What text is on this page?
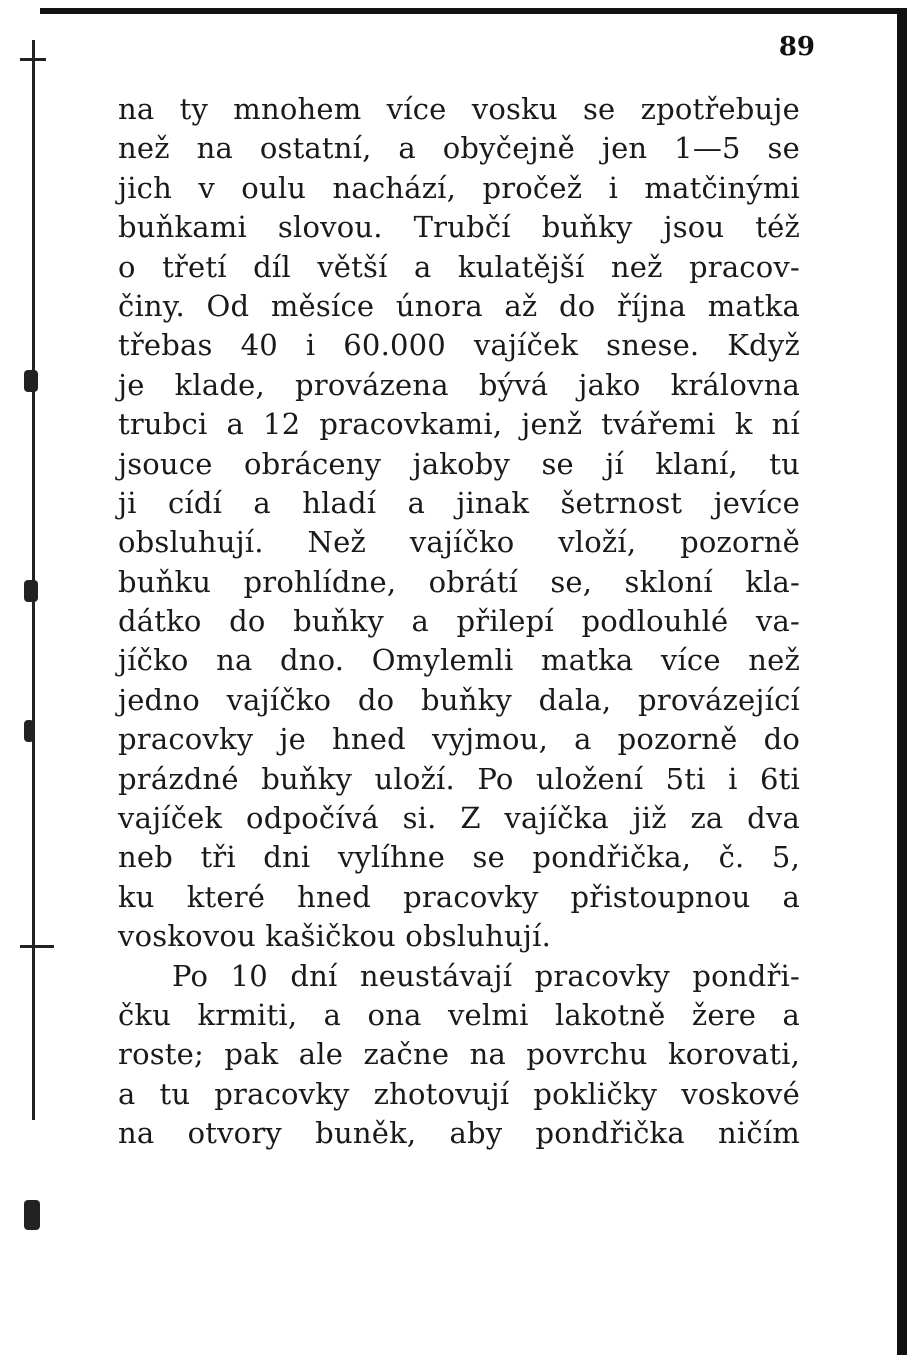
89
na ty mnohem více vosku se zpotřebuje
než na ostatní, a obyčejně jen 1—5 se
jich v oulu nachází, pročež i matčinými
buňkami slovou. Trubčí buňky jsou též
o třetí díl větší a kulatější než pracov-
činy. Od měsíce února až do října matka
třebas 40 i 60.000 vajíček snese. Když
je klade, provázena bývá jako královna
trubci a 12 pracovkami, jenž tvářemi k ní
jsouce obráceny jakoby se jí klaní, tu
ji cídí a hladí a jinak šetrnost jevíce
obsluhují. Než vajíčko vloží, pozorně
buňku prohlídne, obrátí se, skloní kla-
dátko do buňky a přilepí podlouhlé va-
jíčko na dno. Omylemli matka více než
jedno vajíčko do buňky dala, provázející
pracovky je hned vyjmou, a pozorně do
prázdné buňky uloží. Po uložení 5ti i 6ti
vajíček odpočívá si. Z vajíčka již za dva
neb tři dni vylíhne se pondřička, č. 5,
ku které hned pracovky přistoupnou a
voskovou kašičkou obsluhují.
Po 10 dní neustávají pracovky pondři-
čku krmiti, a ona velmi lakotně žere a
roste; pak ale začne na povrchu korovati,
a tu pracovky zhotovují pokličky voskové
na otvory buněk, aby pondřička ničím
